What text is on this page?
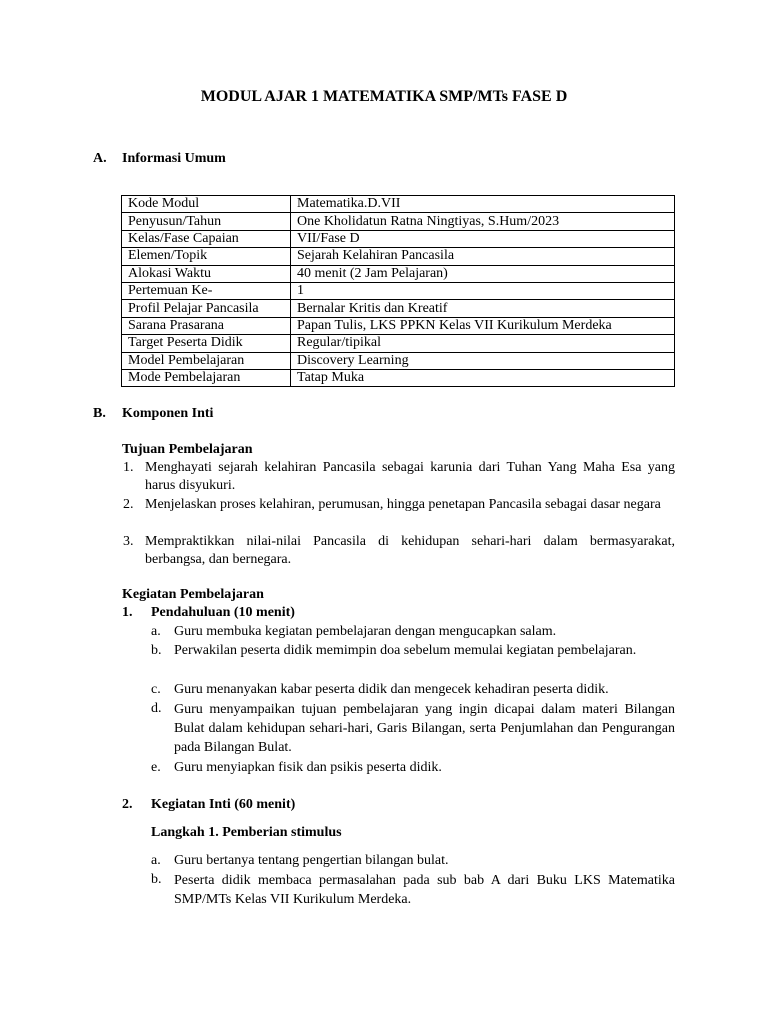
MODUL AJAR 1 MATEMATIKA SMP/MTs FASE D
A. Informasi Umum
Kode Modul	Matematika.D.VII
Penyusun/Tahun	One Kholidatun Ratna Ningtiyas, S.Hum/2023
Kelas/Fase Capaian	VII/Fase D
Elemen/Topik	Sejarah Kelahiran Pancasila
Alokasi Waktu	40 menit (2 Jam Pelajaran)
Pertemuan Ke-	1
Profil Pelajar Pancasila	Bernalar Kritis dan Kreatif
Sarana Prasarana	Papan Tulis, LKS PPKN Kelas VII Kurikulum Merdeka
Target Peserta Didik	Regular/tipikal
Model Pembelajaran	Discovery Learning
Mode Pembelajaran	Tatap Muka
B. Komponen Inti
Tujuan Pembelajaran
1. Menghayati sejarah kelahiran Pancasila sebagai karunia dari Tuhan Yang Maha Esa yang harus disyukuri.
2. Menjelaskan proses kelahiran, perumusan, hingga penetapan Pancasila sebagai dasar negara
3. Mempraktikkan nilai-nilai Pancasila di kehidupan sehari-hari dalam bermasyarakat, berbangsa, dan bernegara.
Kegiatan Pembelajaran
1. Pendahuluan (10 menit)
a. Guru membuka kegiatan pembelajaran dengan mengucapkan salam.
b. Perwakilan peserta didik memimpin doa sebelum memulai kegiatan pembelajaran.
c. Guru menanyakan kabar peserta didik dan mengecek kehadiran peserta didik.
d. Guru menyampaikan tujuan pembelajaran yang ingin dicapai dalam materi Bilangan Bulat dalam kehidupan sehari-hari, Garis Bilangan, serta Penjumlahan dan Pengurangan pada Bilangan Bulat.
e. Guru menyiapkan fisik dan psikis peserta didik.
2. Kegiatan Inti (60 menit)
Langkah 1. Pemberian stimulus
a. Guru bertanya tentang pengertian bilangan bulat.
b. Peserta didik membaca permasalahan pada sub bab A dari Buku LKS Matematika SMP/MTs Kelas VII Kurikulum Merdeka.
